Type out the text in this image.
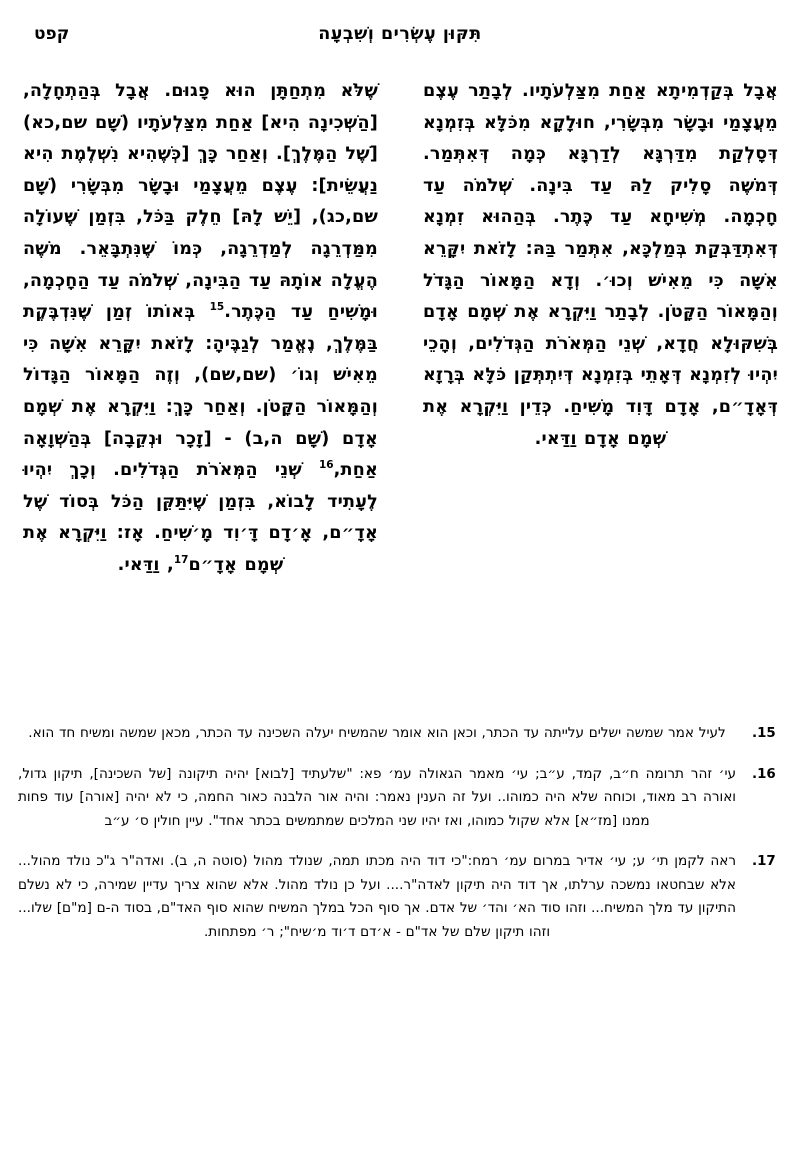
תִּקּוּן עֶשְׂרִים וְשִׁבְעָה
קפט

אֲבָל בְּקַדְמִיתָא אַחַת מִצַּלְעֹתָיו. לְבָתַר עֶצֶם מֵעֲצָמַי וּבָשָׂר מִבְּשָׂרִי, חוּלָקָא מִכֹּלָּא בְּזִמְנָא דְּסָלְקַת מִדַּרְגָּא לְדַרְגָּא כְּמָה דְּאִתְּמַר. דְּמֹשֶׁה סָלִיק לַהּ עַד בִּינָה. שְׁלֹמֹה עַד חָכְמָה. מְשִׁיחָא עַד כֶּתֶר. בְּהַהוּא זִמְנָא דְּאִתְדַּבְּקַת בְּמַלְכָּא, אִתְּמַר בַּהּ: לָזֹאת יִקָּרֵא אִשָּׁה כִּי מֵאִישׁ וְכוּ׳. וְדָא הַמָּאוֹר הַגָּדֹל וְהַמָּאוֹר הַקָּטֹן. לְבָתַר וַיִּקְרָא אֶת שְׁמָם אָדָם בְּשִׁקּוּלָא חֲדָא, שְׁנֵי הַמְּאֹרֹת הַגְּדֹלִים, וְהָכֵי יִהְיוּ לְזִמְנָא דְּאָתֵי בְּזִמְנָא דְּיִתְתְּקַן כֹּלָּא בְּרָזָא דְּאָדָ״ם, אָדָם דָּוִד מָשִׁיחַ. כְּדֵין וַיִּקְרָא אֶת שְׁמָם אָדָם וַדַּאי.

שֶׁלֹּא מִתְחַתָּן הוּא פָגוּם. אֲבָל בְּהַתְחָלָה, [הַשְּׁכִינָה הִיא] אַחַת מִצַּלְעֹתָיו (שָׁם שם,כא) [שֶׁל הַמֶּלֶךְ]. וְאַחַר כָּךְ [כְּשֶׁהִיא נִשְׁלֶמֶת הִיא נַעֲשֵׂית]: עֶצֶם מֵעֲצָמַי וּבָשָׂר מִבְּשָׂרִי (שָׁם שם,כג), [יֵשׁ לָהּ] חֵלֶק בַּכֹּל, בִּזְמַן שֶׁעוֹלָה מִמַּדְרֵגָה לְמַדְרֵגָה, כְּמוֹ שֶׁנִּתְבָּאֵר. מֹשֶׁה הֶעֱלָה אוֹתָהּ עַד הַבִּינָה, שְׁלֹמֹה עַד הַחָכְמָה, וּמָשִׁיחַ עַד הַכֶּתֶר.$^{15}$ בְּאוֹתוֹ זְמַן שֶׁנִּדְבֶּקֶת בַּמֶּלֶךְ, נֶאֱמַר לְגַבֶּיהָ: לָזֹאת יִקָּרֵא אִשָּׁה כִּי מֵאִישׁ וְגוֹ׳ (שם,שם), וְזֶה הַמָּאוֹר הַגָּדוֹל וְהַמָּאוֹר הַקָּטֹן. וְאַחַר כָּךְ: וַיִּקְרָא אֶת שְׁמָם אָדָם (שָׁם ה,ב) - [זָכָר וּנְקֵבָה] בְּהַשְׁוָאָה אַחַת,$^{16}$ שְׁנֵי הַמְּאֹרֹת הַגְּדֹלִים. וְכָךְ יִהְיוּ לֶעָתִיד לָבוֹא, בִּזְמַן שֶׁיִּתַּקֵּן הַכֹּל בְּסוֹד שֶׁל אָדָ״ם, אָ׳דָם דָּ׳וִד מָ׳שִׁיחַ. אָז: וַיִּקְרָא אֶת שְׁמָם אָדָ״ם$^{17}$, וַדַּאי.

.15
לעיל אמר שמשה ישלים עלייתה עד הכתר, וכאן הוא אומר שהמשיח יעלה השכינה עד הכתר, מכאן שמשה ומשיח חד הוא.
.16
עי׳ זהר תרומה ח״ב, קמד, ע״ב; עי׳ מאמר הגאולה עמ׳ פא: "שלעתיד [לבוא] יהיה תיקונה [של השכינה], תיקון גדול, ואורה רב מאוד, וכוחה שלא היה כמוהו.. ועל זה הענין נאמר: והיה אור הלבנה כאור החמה, כי לא יהיה [אורה] עוד פחות ממנו [מז״א] אלא שקול כמוהו, ואז יהיו שני המלכים שמתמשים בכתר אחד". עיין חולין ס׳ ע״ב
.17
ראה לקמן תי׳ ע; עי׳ אדיר במרום עמ׳ רמח:"כי דוד היה מכתו תמה, שנולד מהול (סוטה ה, ב). ואדה"ר ג"כ נולד מהול... אלא שבחטאו נמשכה ערלתו, אך דוד היה תיקון לאדה"ר.... ועל כן נולד מהול. אלא שהוא צריך עדיין שמירה, כי לא נשלם התיקון עד מלך המשיח... וזהו סוד הא׳ והד׳ של אדם. אך סוף הכל במלך המשיח שהוא סוף האד"ם, בסוד ה-ם [מ"ם] שלו... וזהו תיקון שלם של אד"ם - א׳דם ד׳וד מ׳שיח"; ר׳ מפתחות.
